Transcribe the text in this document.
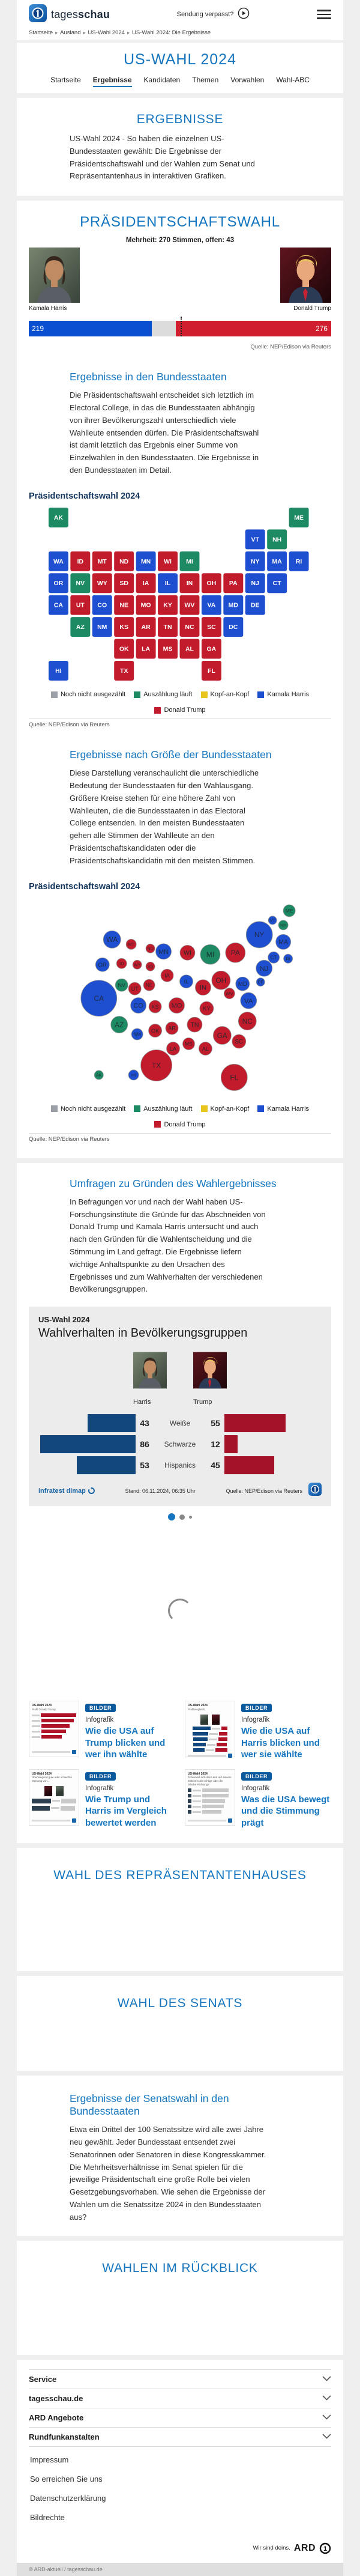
tagesschau	Sendung verpasst?
Startseite ▸ Ausland ▸ US-Wahl 2024 ▸ US-Wahl 2024: Die Ergebnisse
US-WAHL 2024
Startseite Ergebnisse Kandidaten Themen Vorwahlen Wahl-ABC
ERGEBNISSE
US-Wahl 2024 - So haben die einzelnen US-Bundesstaaten gewählt: Die Ergebnisse der Präsidentschaftswahl und der Wahlen zum Senat und Repräsentantenhaus in interaktiven Grafiken.
PRÄSIDENTSCHAFTSWAHL
Mehrheit: 270 Stimmen, offen: 43
Kamala Harris	Donald Trump
219	276
Quelle: NEP/Edison via Reuters
Ergebnisse in den Bundesstaaten
Die Präsidentschaftswahl entscheidet sich letztlich im Electoral College, in das die Bundesstaaten abhängig von ihrer Bevölkerungszahl unterschiedlich viele Wahlleute entsenden dürfen. Die Präsidentschaftswahl ist damit letztlich das Ergebnis einer Summe von Einzelwahlen in den Bundesstaaten. Die Ergebnisse in den Bundesstaaten im Detail.
Präsidentschaftswahl 2024
WA
OR
CA
NV
ID MT
WY
UT
AZ
CO
NM
ND
SD
NE
KS
OK
TX
MN
IA
MO
AR
LA
WI
IL
MI
IN OH
KY
TN
MS AL GA
FL
SC
NC
WV VA
PA
NY
VT NH
ME
MA
CT
RI
NJ
DE
MD
DC
AK
HI
Noch nicht ausgezählt	Auszählung läuft	Kopf-an-Kopf	Kamala Harris
Donald Trump
Quelle: NEP/Edison via Reuters
Ergebnisse nach Größe der Bundesstaaten
Diese Darstellung veranschaulicht die unterschiedliche Bedeutung der Bundesstaaten für den Wahlausgang. Größere Kreise stehen für eine höhere Zahl von Wahlleuten, die die Bundesstaaten in das Electoral College entsenden. In den meisten Bundesstaaten gehen alle Stimmen der Wahlleute an den Präsidentschaftskandidaten oder die Präsidentschaftskandidatin mit den meisten Stimmen.
Präsidentschaftswahl 2024
WA
OR
CA
NV
ID
MT
WY
UT
AZ
CO
NM
ND
SD
NE
KS
OK
TX
MN
IA
MO
AR
LA
WI
IL
MI
IN
OH
KY
TN
MS
AL
GA
FL
SC
NC
WV
VA
PA
NY
VT
NH
ME
MA
CT RI
NJ
DE
MD
AK	HI
Noch nicht ausgezählt	Auszählung läuft	Kopf-an-Kopf	Kamala Harris
Donald Trump
Quelle: NEP/Edison via Reuters
Umfragen zu Gründen des Wahlergebnisses
In Befragungen vor und nach der Wahl haben US-Forschungsinstitute die Gründe für das Abschneiden von Donald Trump und Kamala Harris untersucht und auch nach den Gründen für die Wahlentscheidung und die Stimmung im Land gefragt. Die Ergebnisse liefern wichtige Anhaltspunkte zu den Ursachen des Ergebnisses und zum Wahlverhalten der verschiedenen Bevölkerungsgruppen.
US-Wahl 2024
Wahlverhalten in Bevölkerungsgruppen
Harris	Trump
43	Weiße	55
86	Schwarze	12
53	Hispanics	45
infratest dimap	Stand: 06.11.2024, 06:35 Uhr	Quelle: NEP/Edison via Reuters
US-Wahl 2024
Profil Donald Trump	BILDER
Infografik
Wie die USA auf Trump blicken und wer ihn wählte
US-Wahl 2024
Profilvergleich	BILDER
Infografik
Wie die USA auf Harris blicken und wer sie wählte
US-Wahl 2024
Überwiegend gute oder schlechte Meinung von...
BILDER
Infografik
Wie Trump und Harris im Vergleich bewertet werden
US-Wahl 2024
Entwickelt sich das Land auf diesem Gebiet in die richtige oder die falsche Richtung?
BILDER
Infografik
Was die USA bewegt und die Stimmung prägt
WAHL DES REPRÄSENTANTENHAUSES
WAHL DES SENATS
Ergebnisse der Senatswahl in den Bundesstaaten
Etwa ein Drittel der 100 Senatssitze wird alle zwei Jahre neu gewählt. Jeder Bundesstaat entsendet zwei Senatorinnen oder Senatoren in diese Kongresskammer. Die Mehrheitsverhältnisse im Senat spielen für die jeweilige Präsidentschaft eine große Rolle bei vielen Gesetzgebungsvorhaben. Wie sehen die Ergebnisse der Wahlen um die Senatssitze 2024 in den Bundesstaaten aus?
WAHLEN IM RÜCKBLICK
Service
tagesschau.de
ARD Angebote
Rundfunkanstalten
Impressum
So erreichen Sie uns
Datenschutzerklärung
Bildrechte
Wir sind deins. ARD 1
© ARD-aktuell / tagesschau.de
